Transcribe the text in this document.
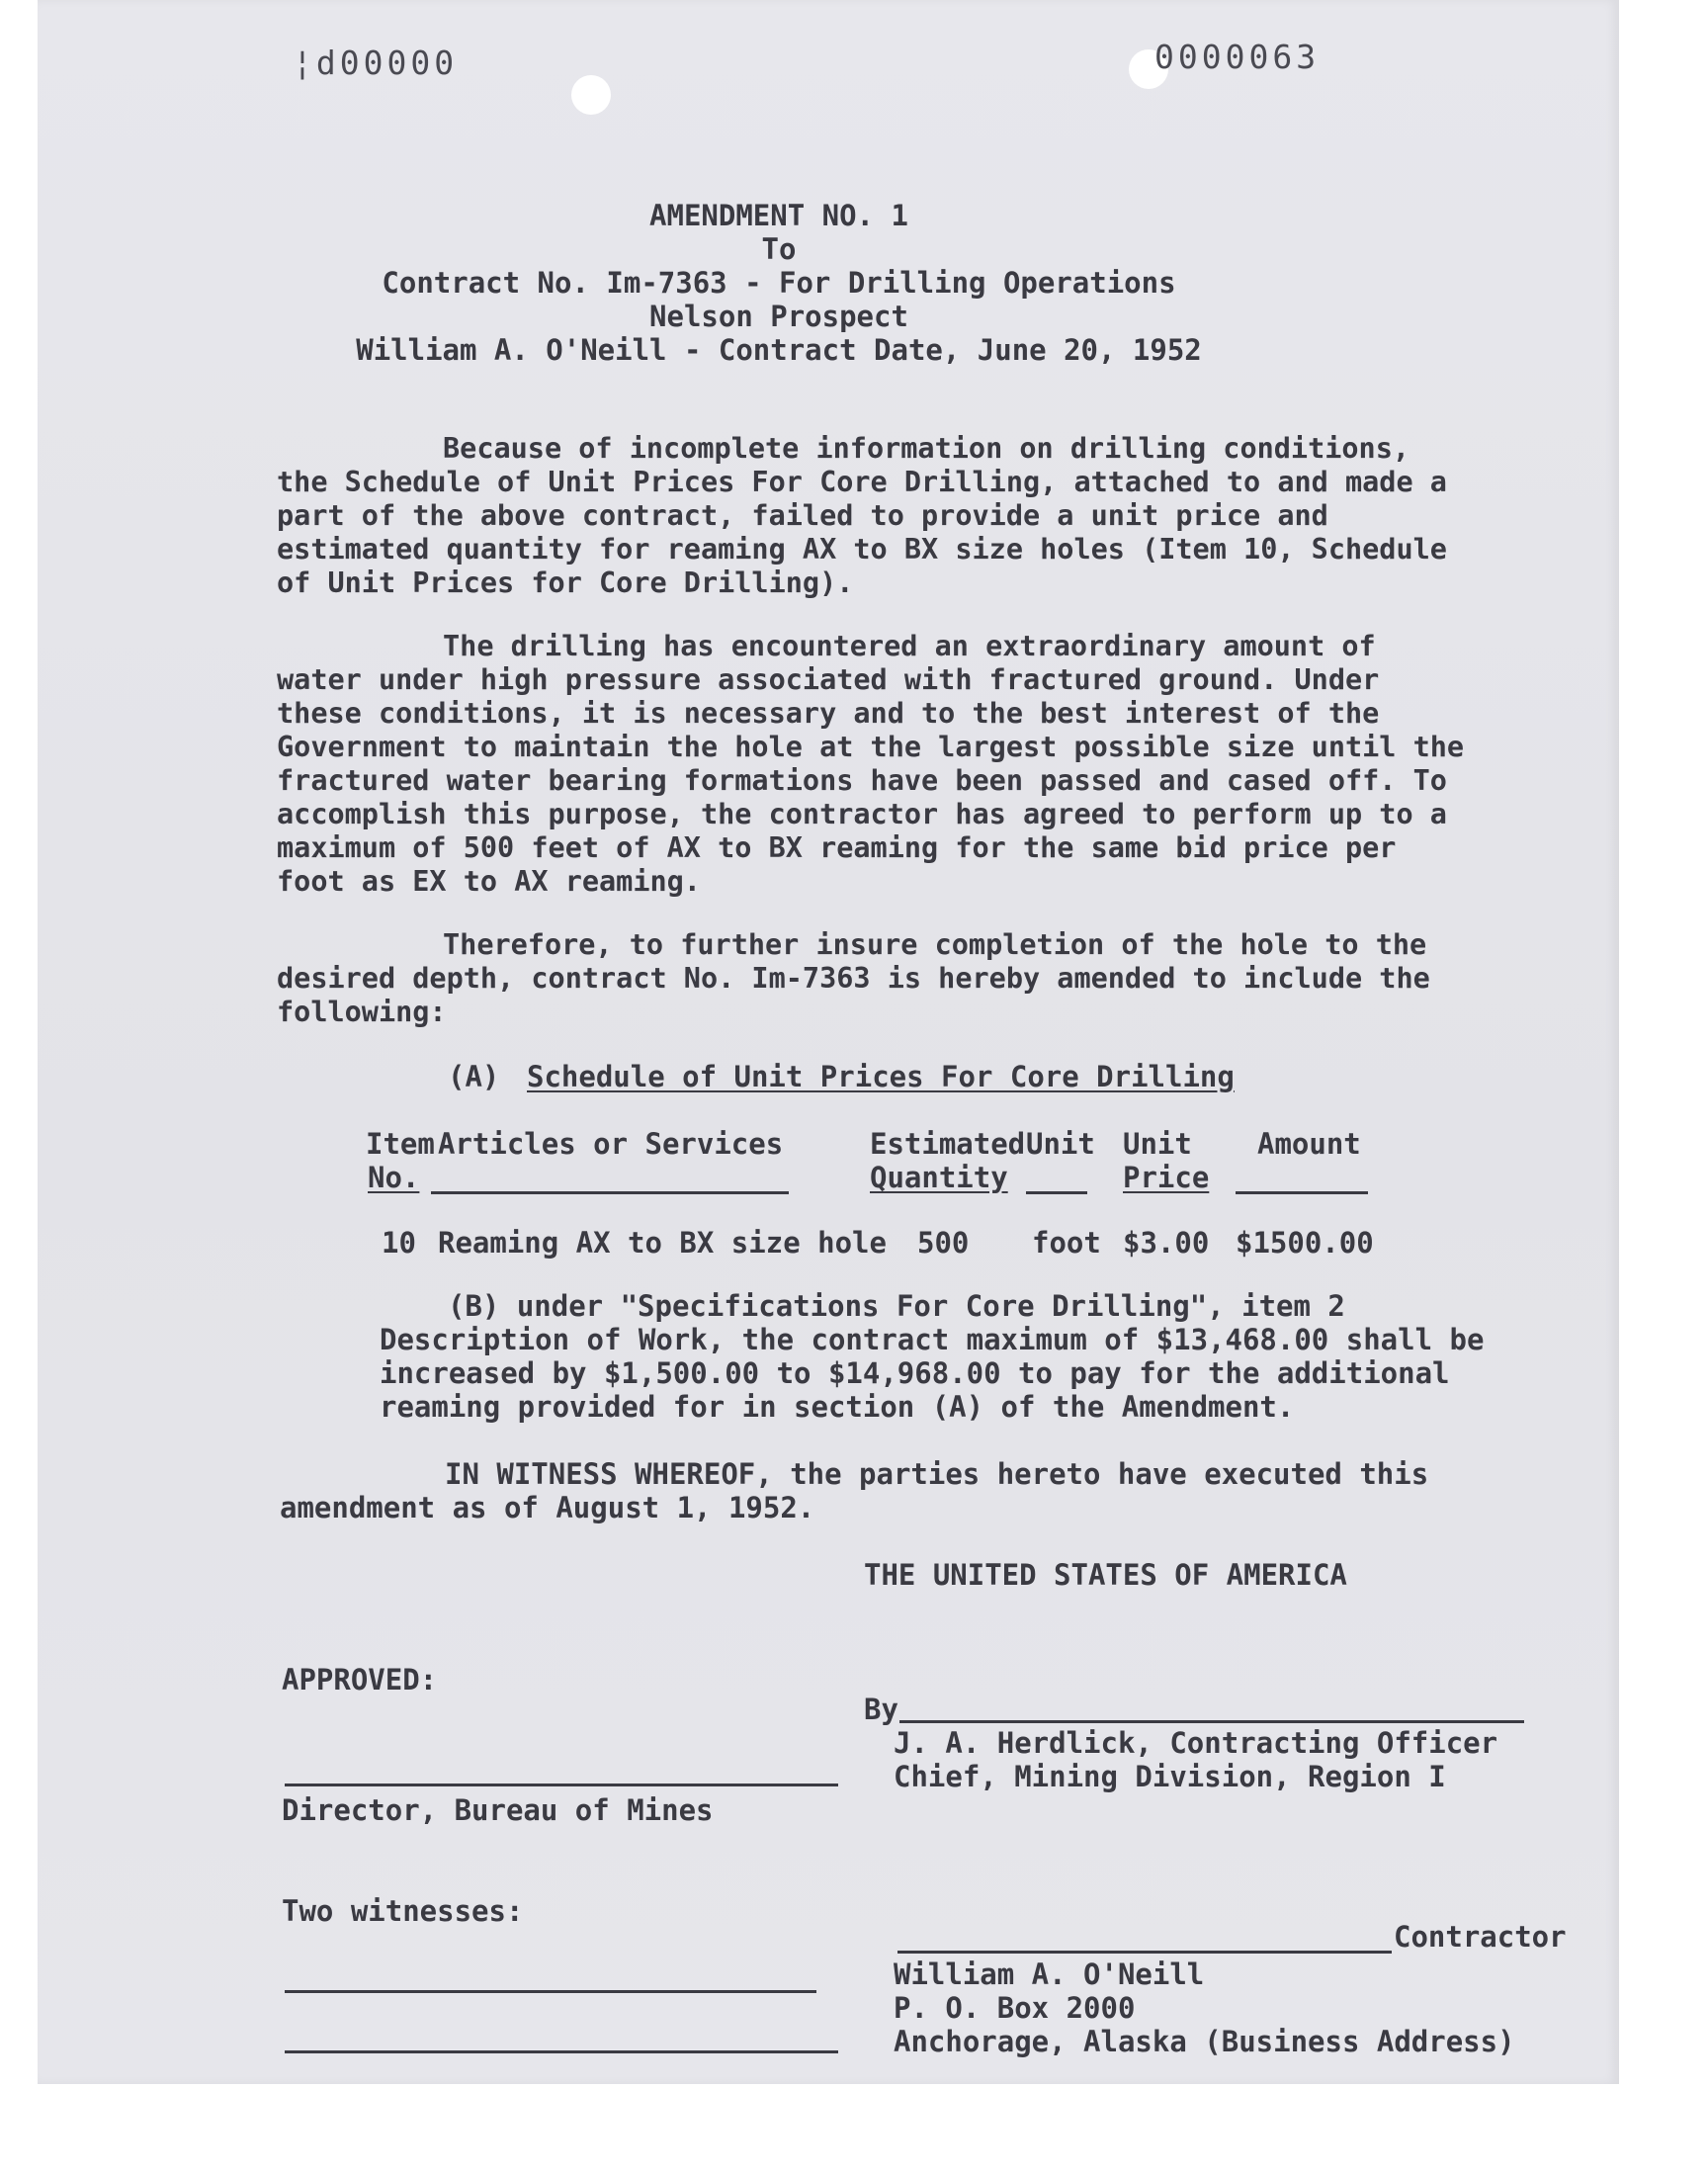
¦d00000	0000063
AMENDMENT NO. 1
To
Contract No. Im-7363 - For Drilling Operations
Nelson Prospect
William A. O'Neill - Contract Date, June 20, 1952
Because of incomplete information on drilling conditions, the Schedule of Unit Prices For Core Drilling, attached to and made a part of the above contract, failed to provide a unit price and estimated quantity for reaming AX to BX size holes (Item 10, Schedule of Unit Prices for Core Drilling).
The drilling has encountered an extraordinary amount of water under high pressure associated with fractured ground. Under these conditions, it is necessary and to the best interest of the Government to maintain the hole at the largest possible size until the fractured water bearing formations have been passed and cased off. To accomplish this purpose, the contractor has agreed to perform up to a maximum of 500 feet of AX to BX reaming for the same bid price per foot as EX to AX reaming.
Therefore, to further insure completion of the hole to the desired depth, contract No. Im-7363 is hereby amended to include the following:
(A) Schedule of Unit Prices For Core Drilling
Item
No.
Articles or Services	Estimated
Quantity
Unit Unit
Price
Amount
10 Reaming AX to BX size hole 500 foot $3.00 $1500.00
(B) under "Specifications For Core Drilling", item 2
Description of Work, the contract maximum of $13,468.00 shall be
increased by $1,500.00 to $14,968.00 to pay for the additional
reaming provided for in section (A) of the Amendment.
IN WITNESS WHEREOF, the parties hereto have executed this
amendment as of August 1, 1952.
THE UNITED STATES OF AMERICA
APPROVED:
By
J. A. Herdlick, Contracting Officer
Chief, Mining Division, Region I
Director, Bureau of Mines
Two witnesses:
Contractor
William A. O'Neill
P. O. Box 2000
Anchorage, Alaska (Business Address)
